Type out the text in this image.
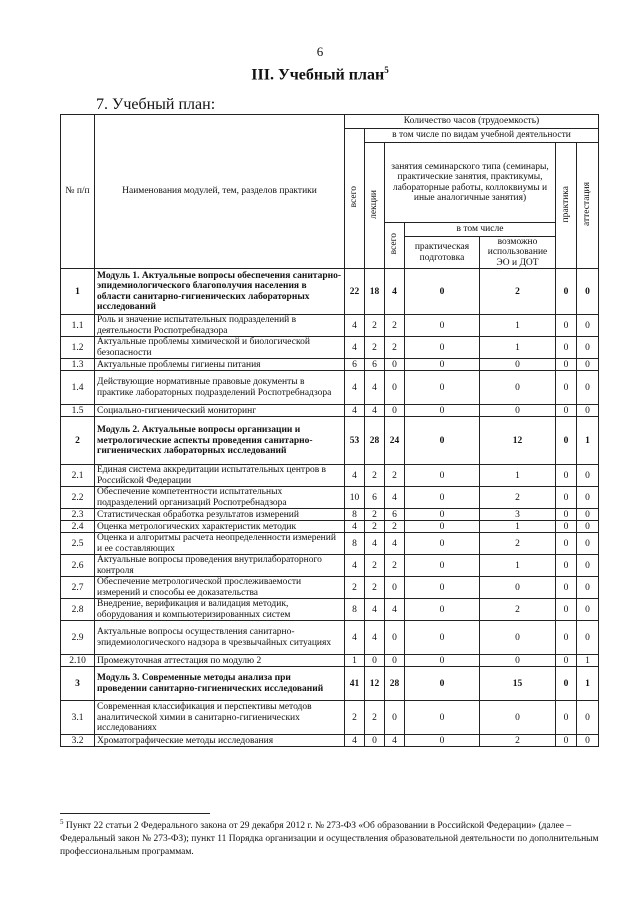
6
III. Учебный план$^5$
7. Учебный план:
№ п/п	Наименования модулей, тем, разделов практики	Количество часов (трудоемкость)						
		всего	в том числе по видам учебной деятельности					
			лекции	занятия семинарского типа (семинары, практические занятия, практикумы, лабораторные работы, коллоквиумы и иные аналогичные занятия)			практика	аттестация
				всего	в том числе			
					практическая подготовка	возможно использование ЭО и ДОТ		
1	Модуль 1. Актуальные вопросы обеспечения санитарно-эпидемиологического благополучия населения в области санитарно-гигиенических лабораторных исследований	22	18	4	0	2	0	0
1.1	Роль и значение испытательных подразделений в деятельности Роспотребнадзора	4	2	2	0	1	0	0
1.2	Актуальные проблемы химической и биологической безопасности	4	2	2	0	1	0	0
1.3	Актуальные проблемы гигиены питания	6	6	0	0	0	0	0
1.4	Действующие нормативные правовые документы в практике лабораторных подразделений Роспотребнадзора	4	4	0	0	0	0	0
1.5	Социально-гигиенический мониторинг	4	4	0	0	0	0	0
2	Модуль 2. Актуальные вопросы организации и метрологические аспекты проведения санитарно-гигиенических лабораторных исследований	53	28	24	0	12	0	1
2.1	Единая система аккредитации испытательных центров в Российской Федерации	4	2	2	0	1	0	0
2.2	Обеспечение компетентности испытательных подразделений организаций Роспотребнадзора	10	6	4	0	2	0	0
2.3	Статистическая обработка результатов измерений	8	2	6	0	3	0	0
2.4	Оценка метрологических характеристик методик	4	2	2	0	1	0	0
2.5	Оценка и алгоритмы расчета неопределенности измерений и ее составляющих	8	4	4	0	2	0	0
2.6	Актуальные вопросы проведения внутрилабораторного контроля	4	2	2	0	1	0	0
2.7	Обеспечение метрологической прослеживаемости измерений и способы ее доказательства	2	2	0	0	0	0	0
2.8	Внедрение, верификация и валидация методик, оборудования и компьютеризированных систем	8	4	4	0	2	0	0
2.9	Актуальные вопросы осуществления санитарно-эпидемиологического надзора в чрезвычайных ситуациях	4	4	0	0	0	0	0
2.10	Промежуточная аттестация по модулю 2	1	0	0	0	0	0	1
3	Модуль 3. Современные методы анализа при проведении санитарно-гигиенических исследований	41	12	28	0	15	0	1
3.1	Современная классификация и перспективы методов аналитической химии в санитарно-гигиенических исследованиях	2	2	0	0	0	0	0
3.2	Хроматографические методы исследования	4	0	4	0	2	0	0
$^5$ Пункт 22 статьи 2 Федерального закона от 29 декабря 2012 г. № 273-ФЗ «Об образовании в Российской Федерации» (далее – Федеральный закон № 273-ФЗ); пункт 11 Порядка организации и осуществления образовательной деятельности по дополнительным профессиональным программам.
